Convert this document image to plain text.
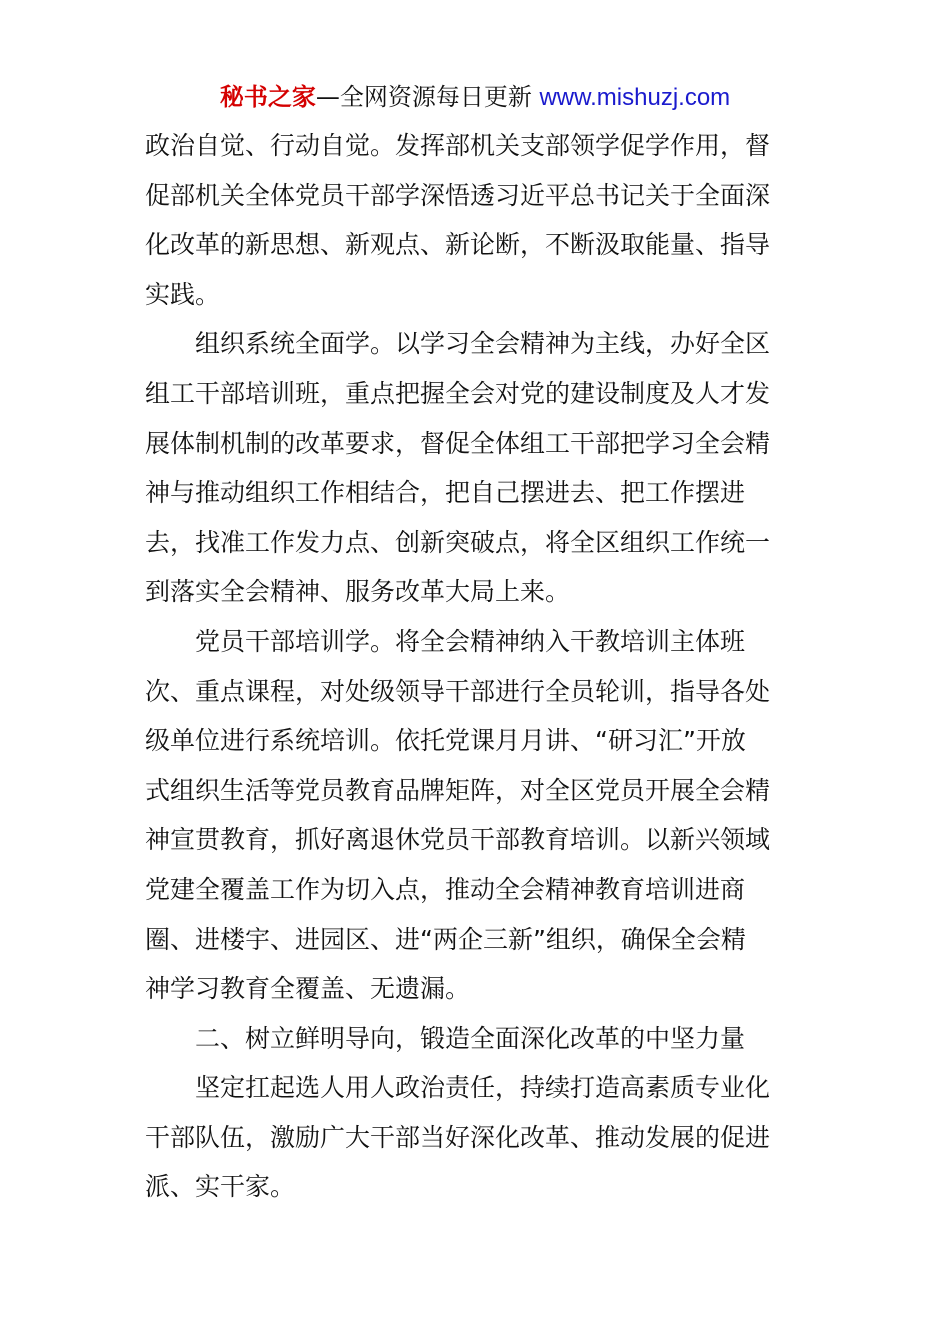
秘书之家—全网资源每日更新 www.mishuzj.com
政治自觉、行动自觉。发挥部机关支部领学促学作用，督
促部机关全体党员干部学深悟透习近平总书记关于全面深
化改革的新思想、新观点、新论断，不断汲取能量、指导
实践。
　　组织系统全面学。以学习全会精神为主线，办好全区
组工干部培训班，重点把握全会对党的建设制度及人才发
展体制机制的改革要求，督促全体组工干部把学习全会精
神与推动组织工作相结合，把自己摆进去、把工作摆进
去，找准工作发力点、创新突破点，将全区组织工作统一
到落实全会精神、服务改革大局上来。
　　党员干部培训学。将全会精神纳入干教培训主体班
次、重点课程，对处级领导干部进行全员轮训，指导各处
级单位进行系统培训。依托党课月月讲、“研习汇”开放
式组织生活等党员教育品牌矩阵，对全区党员开展全会精
神宣贯教育，抓好离退休党员干部教育培训。以新兴领域
党建全覆盖工作为切入点，推动全会精神教育培训进商
圈、进楼宇、进园区、进“两企三新”组织，确保全会精
神学习教育全覆盖、无遗漏。
　　二、树立鲜明导向，锻造全面深化改革的中坚力量
　　坚定扛起选人用人政治责任，持续打造高素质专业化
干部队伍，激励广大干部当好深化改革、推动发展的促进
派、实干家。
